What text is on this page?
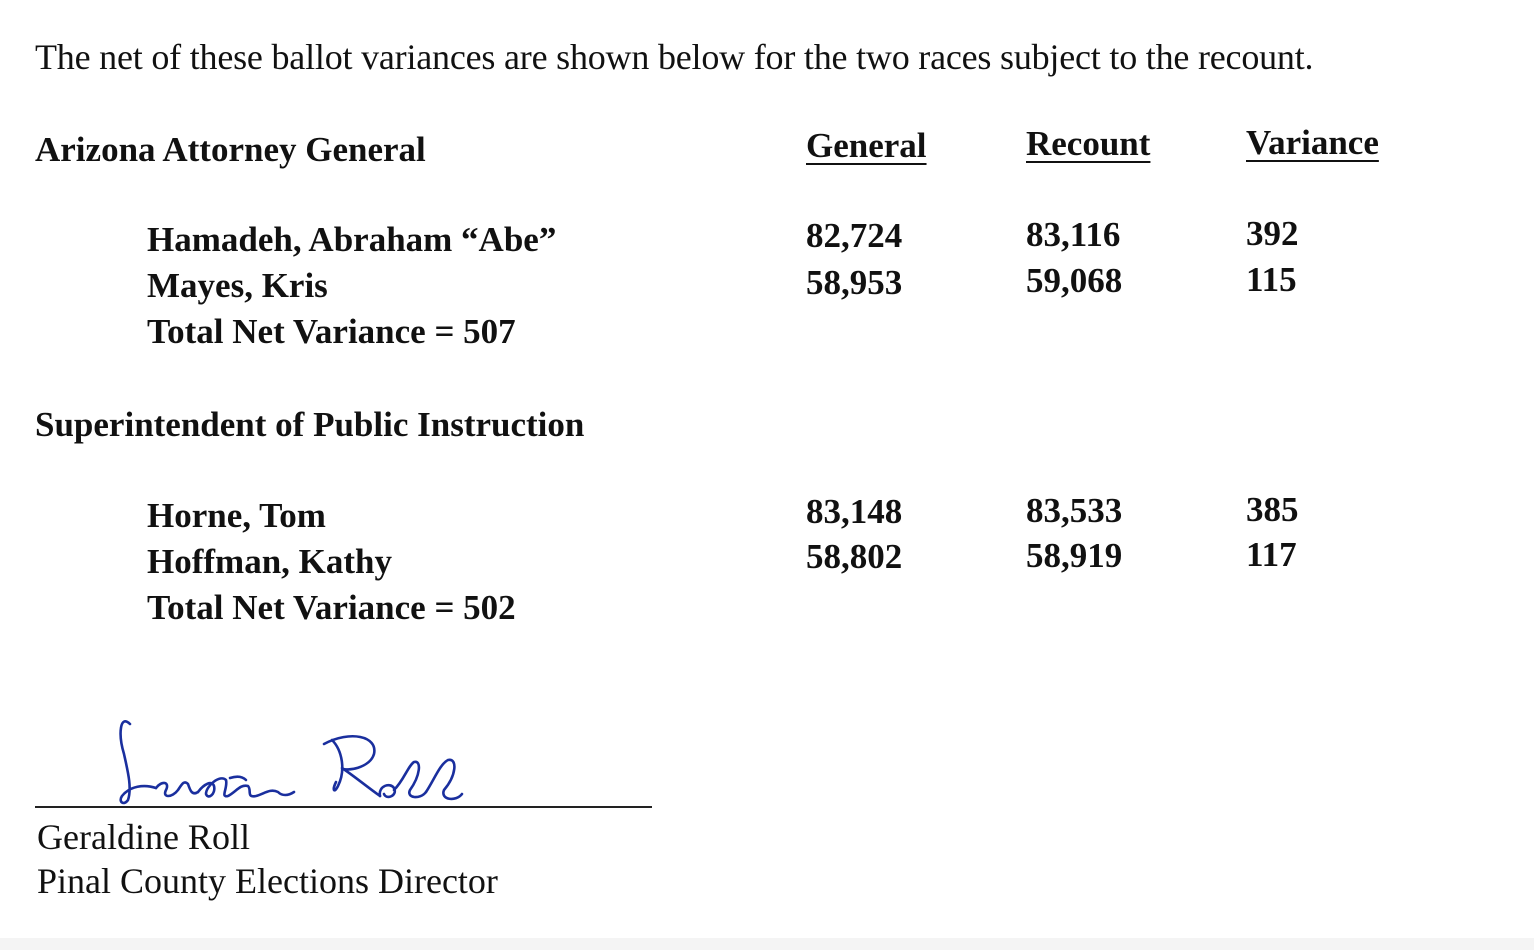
The net of these ballot variances are shown below for the two races subject to the recount.
Arizona Attorney General	General	Recount	Variance
Hamadeh, Abraham “Abe”	82,724	83,116	392
Mayes, Kris	58,953	59,068	115
Total Net Variance = 507
Superintendent of Public Instruction
Horne, Tom	83,148	83,533	385
Hoffman, Kathy	58,802	58,919	117
Total Net Variance = 502
Geraldine Roll
Pinal County Elections Director
